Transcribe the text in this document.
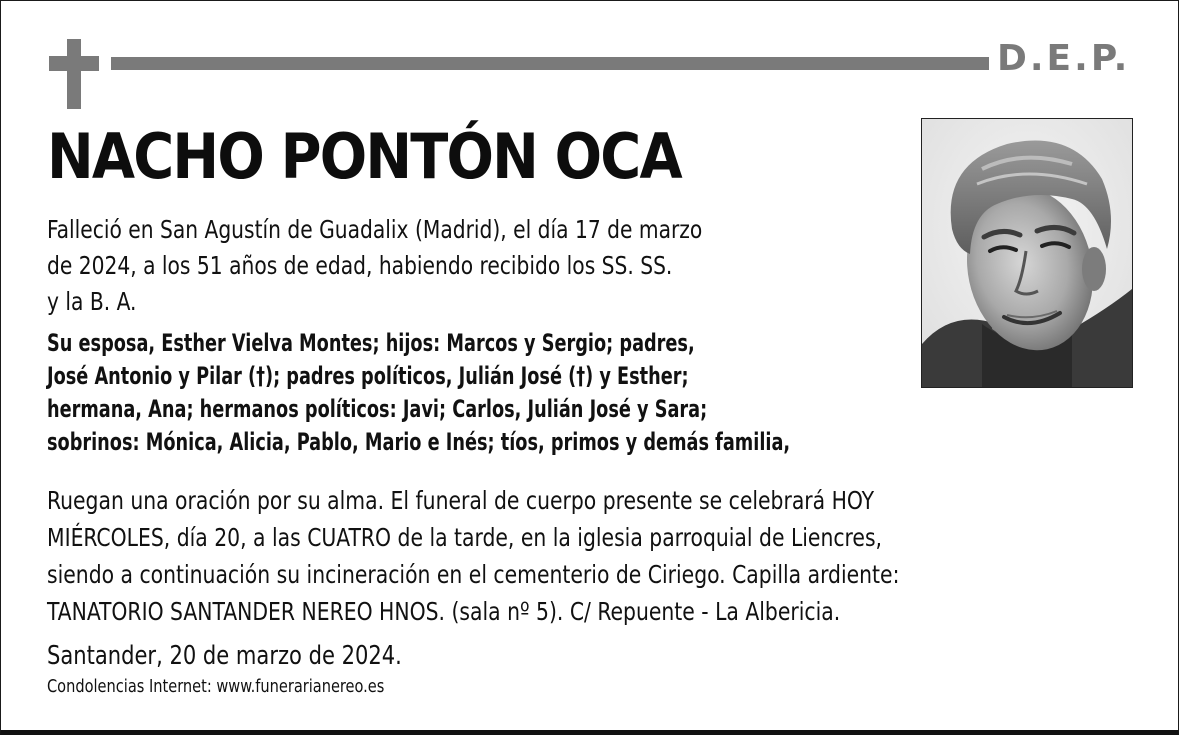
D.E.P.
NACHO PONTÓN OCA
Falleció en San Agustín de Guadalix (Madrid), el día 17 de marzo
de 2024, a los 51 años de edad, habiendo recibido los SS. SS.
y la B. A.
Su esposa, Esther Vielva Montes; hijos: Marcos y Sergio; padres,
José Antonio y Pilar (†); padres políticos, Julián José (†) y Esther;
hermana, Ana; hermanos políticos: Javi; Carlos, Julián José y Sara;
sobrinos: Mónica, Alicia, Pablo, Mario e Inés; tíos, primos y demás familia,
Ruegan una oración por su alma. El funeral de cuerpo presente se celebrará HOY
MIÉRCOLES, día 20, a las CUATRO de la tarde, en la iglesia parroquial de Liencres,
siendo a continuación su incineración en el cementerio de Ciriego. Capilla ardiente:
TANATORIO SANTANDER NEREO HNOS. (sala nº 5). C/ Repuente - La Albericia.
Santander, 20 de marzo de 2024.
Condolencias Internet: www.funerarianereo.es
